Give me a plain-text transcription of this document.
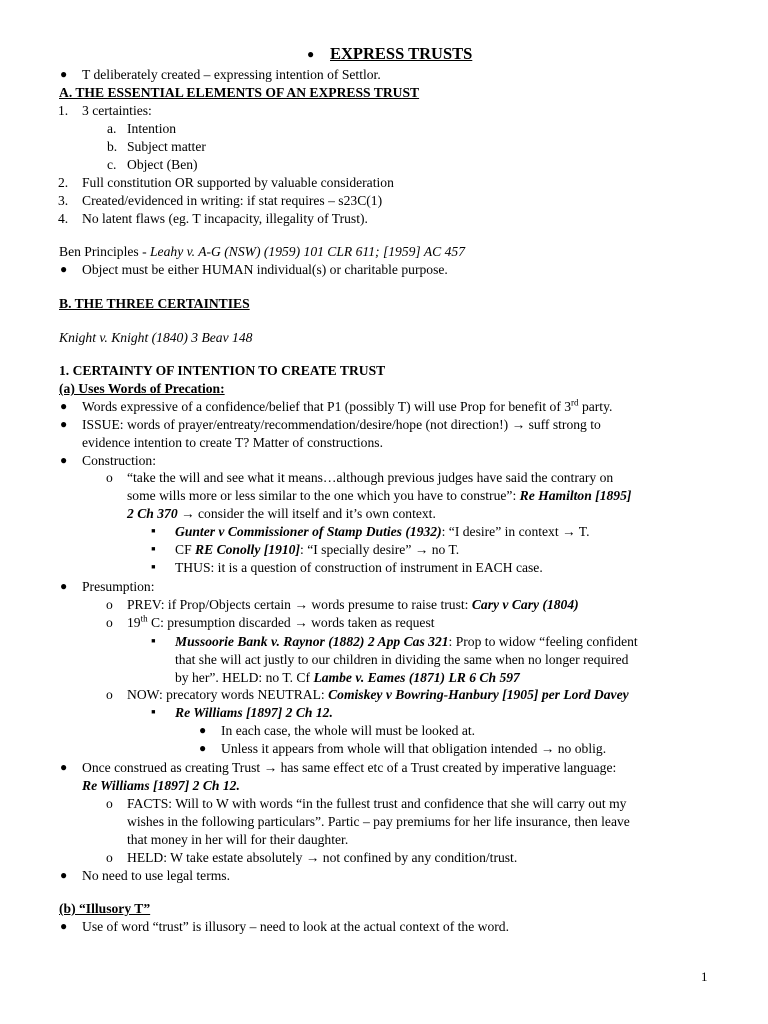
● EXPRESS TRUSTS
● T deliberately created – expressing intention of Settlor.
A. THE ESSENTIAL ELEMENTS OF AN EXPRESS TRUST
1. 3 certainties:
a. Intention
b. Subject matter
c. Object (Ben)
2. Full constitution OR supported by valuable consideration
3. Created/evidenced in writing: if stat requires – s23C(1)
4. No latent flaws (eg. T incapacity, illegality of Trust).
Ben Principles - Leahy v. A-G (NSW) (1959) 101 CLR 611; [1959] AC 457
● Object must be either HUMAN individual(s) or charitable purpose.
B. THE THREE CERTAINTIES
Knight v. Knight (1840) 3 Beav 148
1. CERTAINTY OF INTENTION TO CREATE TRUST
(a) Uses Words of Precation:
● Words expressive of a confidence/belief that P1 (possibly T) will use Prop for benefit of 3rd party.
● ISSUE: words of prayer/entreaty/recommendation/desire/hope (not direction!) → suff strong to
evidence intention to create T? Matter of constructions.
● Construction:
o “take the will and see what it means…although previous judges have said the contrary on
some wills more or less similar to the one which you have to construe”: Re Hamilton [1895]
2 Ch 370 → consider the will itself and it’s own context.
▪ Gunter v Commissioner of Stamp Duties (1932): “I desire” in context → T.
▪ CF RE Conolly [1910]: “I specially desire” → no T.
▪ THUS: it is a question of construction of instrument in EACH case.
● Presumption:
o PREV: if Prop/Objects certain → words presume to raise trust: Cary v Cary (1804)
o 19th C: presumption discarded → words taken as request
▪ Mussoorie Bank v. Raynor (1882) 2 App Cas 321: Prop to widow “feeling confident
that she will act justly to our children in dividing the same when no longer required
by her”. HELD: no T. Cf Lambe v. Eames (1871) LR 6 Ch 597
o NOW: precatory words NEUTRAL: Comiskey v Bowring-Hanbury [1905] per Lord Davey
▪ Re Williams [1897] 2 Ch 12.
● In each case, the whole will must be looked at.
● Unless it appears from whole will that obligation intended → no oblig.
● Once construed as creating Trust → has same effect etc of a Trust created by imperative language:
Re Williams [1897] 2 Ch 12.
o FACTS: Will to W with words “in the fullest trust and confidence that she will carry out my
wishes in the following particulars”. Partic – pay premiums for her life insurance, then leave
that money in her will for their daughter.
o HELD: W take estate absolutely → not confined by any condition/trust.
● No need to use legal terms.
(b) “Illusory T”
● Use of word “trust” is illusory – need to look at the actual context of the word.
1
